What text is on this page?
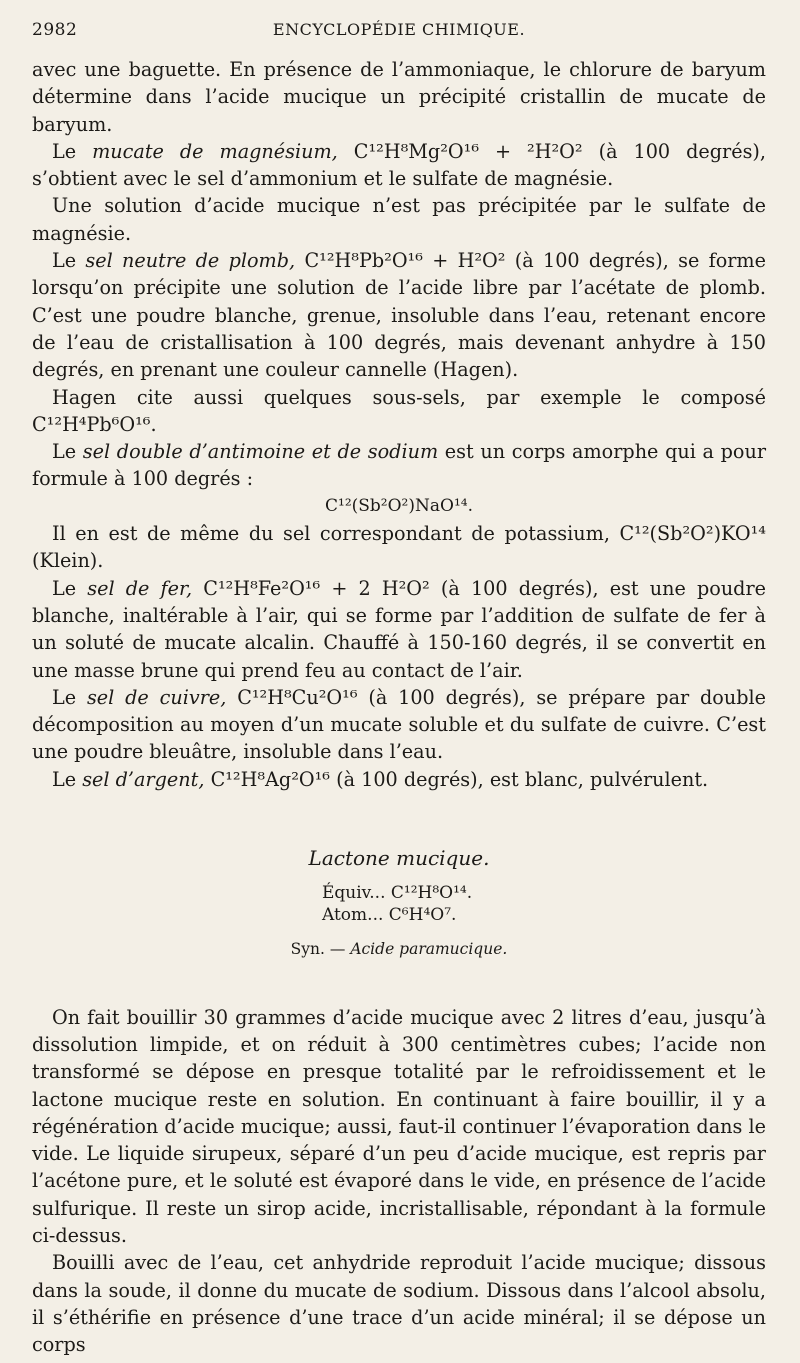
2982	ENCYCLOPÉDIE CHIMIQUE.

avec une baguette. En présence de l’ammoniaque, le chlorure de baryum détermine dans l’acide mucique un précipité cristallin de mucate de baryum.

Le mucate de magnésium, C¹²H⁸Mg²O¹⁶ + ²H²O² (à 100 degrés), s’obtient avec le sel d’ammonium et le sulfate de magnésie.

Une solution d’acide mucique n’est pas précipitée par le sulfate de magnésie.

Le sel neutre de plomb, C¹²H⁸Pb²O¹⁶ + H²O² (à 100 degrés), se forme lorsqu’on précipite une solution de l’acide libre par l’acétate de plomb. C’est une poudre blanche, grenue, insoluble dans l’eau, retenant encore de l’eau de cristallisation à 100 degrés, mais devenant anhydre à 150 degrés, en prenant une couleur cannelle (Hagen).

Hagen cite aussi quelques sous-sels, par exemple le composé C¹²H⁴Pb⁶O¹⁶.

Le sel double d’antimoine et de sodium est un corps amorphe qui a pour formule à 100 degrés :

C¹²(Sb²O²)NaO¹⁴.

Il en est de même du sel correspondant de potassium, C¹²(Sb²O²)KO¹⁴ (Klein).

Le sel de fer, C¹²H⁸Fe²O¹⁶ + 2 H²O² (à 100 degrés), est une poudre blanche, inaltérable à l’air, qui se forme par l’addition de sulfate de fer à un soluté de mucate alcalin. Chauffé à 150-160 degrés, il se convertit en une masse brune qui prend feu au contact de l’air.

Le sel de cuivre, C¹²H⁸Cu²O¹⁶ (à 100 degrés), se prépare par double décomposition au moyen d’un mucate soluble et du sulfate de cuivre. C’est une poudre bleuâtre, insoluble dans l’eau.

Le sel d’argent, C¹²H⁸Ag²O¹⁶ (à 100 degrés), est blanc, pulvérulent.

Lactone mucique.
Équiv... C¹²H⁸O¹⁴.
Atom... C⁶H⁴O⁷.
Syn. — Acide paramucique.

On fait bouillir 30 grammes d’acide mucique avec 2 litres d’eau, jusqu’à dissolution limpide, et on réduit à 300 centimètres cubes; l’acide non transformé se dépose en presque totalité par le refroidissement et le lactone mucique reste en solution. En continuant à faire bouillir, il y a régénération d’acide mucique; aussi, faut-il continuer l’évaporation dans le vide. Le liquide sirupeux, séparé d’un peu d’acide mucique, est repris par l’acétone pure, et le soluté est évaporé dans le vide, en présence de l’acide sulfurique. Il reste un sirop acide, incristallisable, répondant à la formule ci-dessus.

Bouilli avec de l’eau, cet anhydride reproduit l’acide mucique; dissous dans la soude, il donne du mucate de sodium. Dissous dans l’alcool absolu, il s’éthérifie en présence d’une trace d’un acide minéral; il se dépose un corps
